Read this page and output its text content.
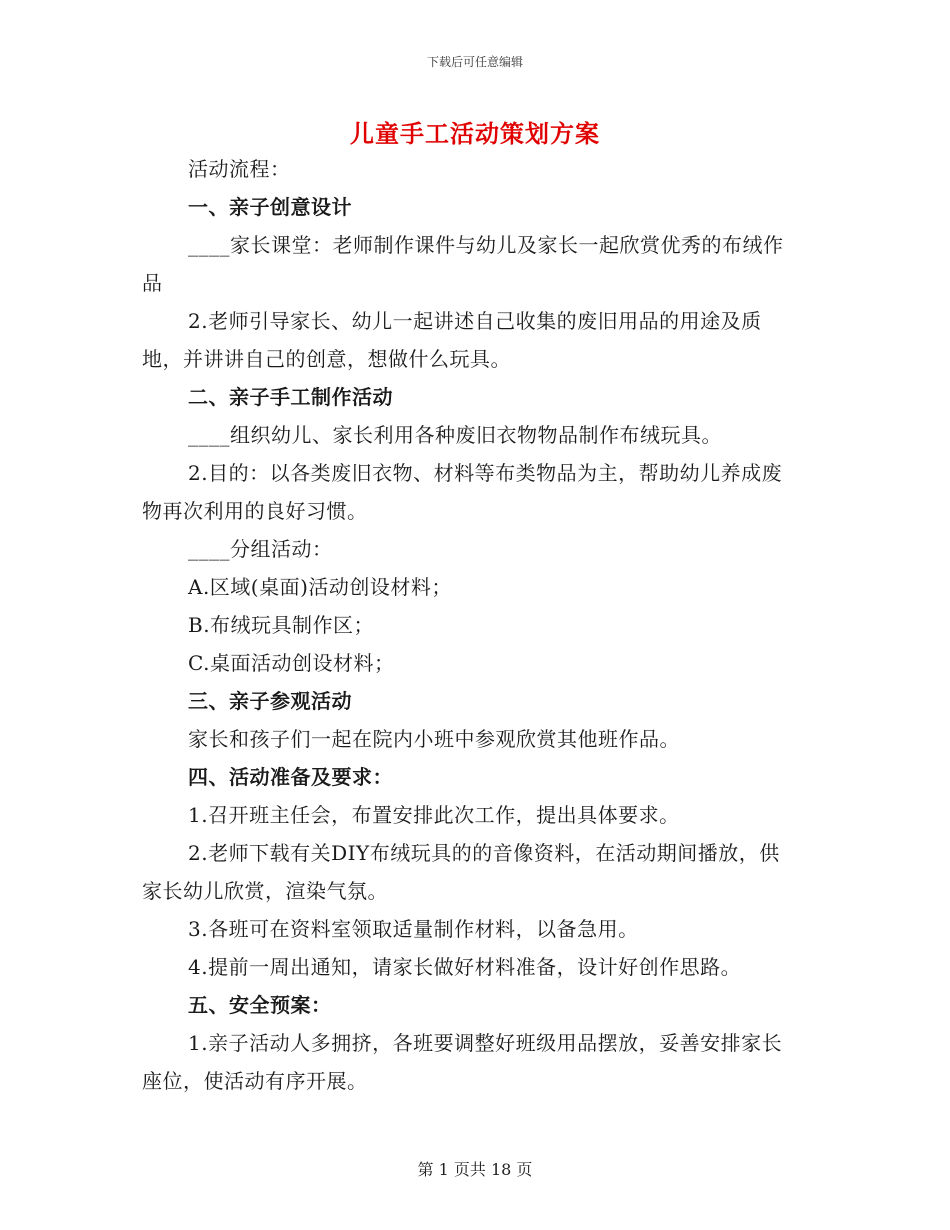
下载后可任意编辑
儿童手工活动策划方案

活动流程：

一、亲子创意设计

____家长课堂：老师制作课件与幼儿及家长一起欣赏优秀的布绒作品

2.老师引导家长、幼儿一起讲述自己收集的废旧用品的用途及质地，并讲讲自己的创意，想做什么玩具。

二、亲子手工制作活动

____组织幼儿、家长利用各种废旧衣物物品制作布绒玩具。

2.目的：以各类废旧衣物、材料等布类物品为主，帮助幼儿养成废物再次利用的良好习惯。

____分组活动：

A.区域(桌面)活动创设材料；

B.布绒玩具制作区；

C.桌面活动创设材料；

三、亲子参观活动

家长和孩子们一起在院内小班中参观欣赏其他班作品。

四、活动准备及要求：

1.召开班主任会，布置安排此次工作，提出具体要求。

2.老师下载有关DIY布绒玩具的的音像资料，在活动期间播放，供家长幼儿欣赏，渲染气氛。

3.各班可在资料室领取适量制作材料，以备急用。

4.提前一周出通知，请家长做好材料准备，设计好创作思路。

五、安全预案：

1.亲子活动人多拥挤，各班要调整好班级用品摆放，妥善安排家长座位，使活动有序开展。

第 1 页共 18 页
